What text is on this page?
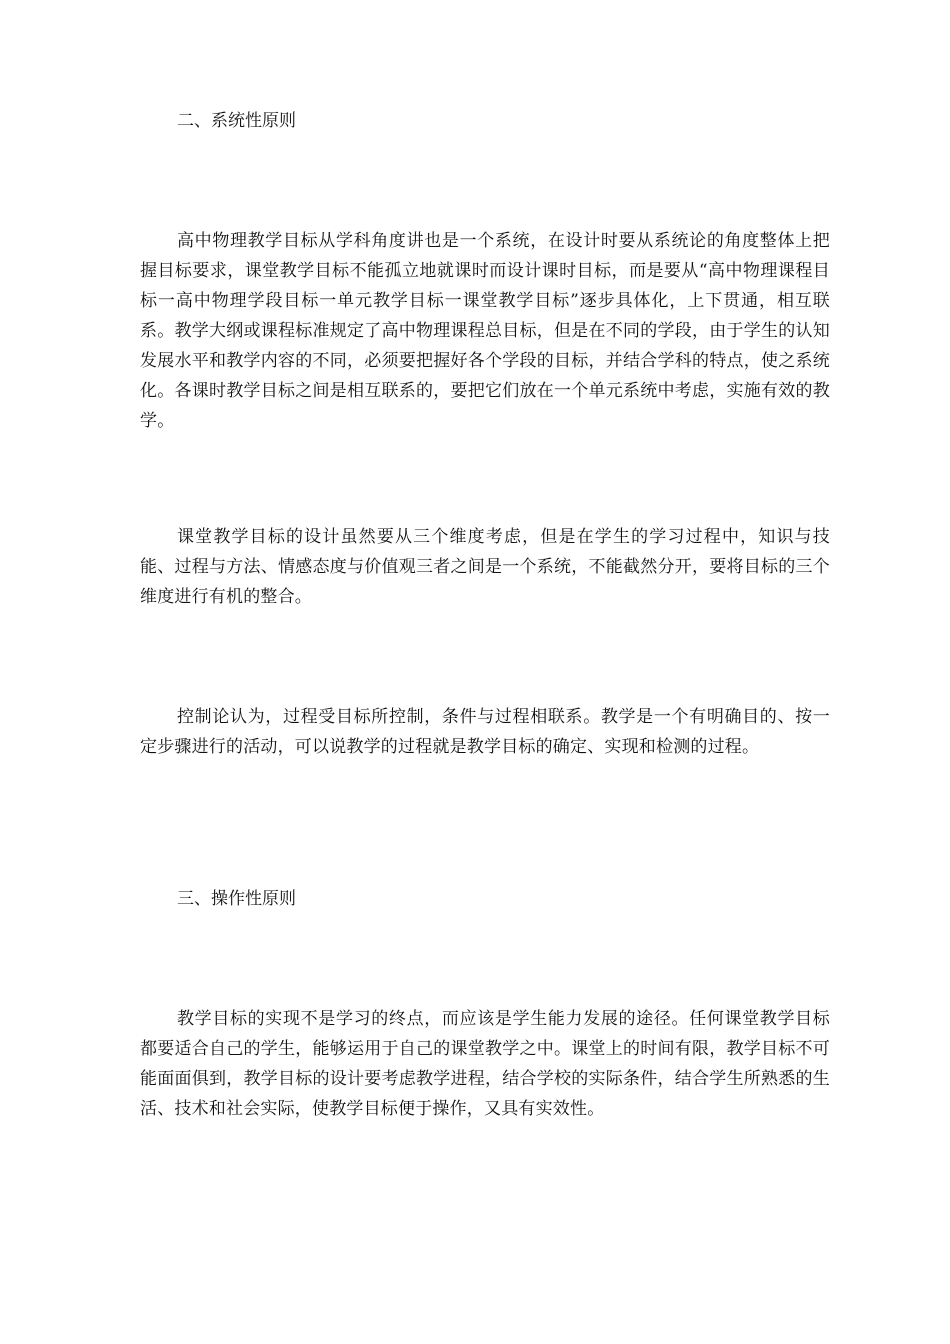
二、系统性原则

高中物理教学目标从学科角度讲也是一个系统，在设计时要从系统论的角度整体上把握目标要求，课堂教学目标不能孤立地就课时而设计课时目标，而是要从“高中物理课程目标一高中物理学段目标一单元教学目标一课堂教学目标”逐步具体化，上下贯通，相互联系。教学大纲或课程标准规定了高中物理课程总目标，但是在不同的学段，由于学生的认知发展水平和教学内容的不同，必须要把握好各个学段的目标，并结合学科的特点，使之系统化。各课时教学目标之间是相互联系的，要把它们放在一个单元系统中考虑，实施有效的教学。

课堂教学目标的设计虽然要从三个维度考虑，但是在学生的学习过程中，知识与技能、过程与方法、情感态度与价值观三者之间是一个系统，不能截然分开，要将目标的三个维度进行有机的整合。

控制论认为，过程受目标所控制，条件与过程相联系。教学是一个有明确目的、按一定步骤进行的活动，可以说教学的过程就是教学目标的确定、实现和检测的过程。

三、操作性原则

教学目标的实现不是学习的终点，而应该是学生能力发展的途径。任何课堂教学目标都要适合自己的学生，能够运用于自己的课堂教学之中。课堂上的时间有限，教学目标不可能面面俱到，教学目标的设计要考虑教学进程，结合学校的实际条件，结合学生所熟悉的生活、技术和社会实际，使教学目标便于操作，又具有实效性。
